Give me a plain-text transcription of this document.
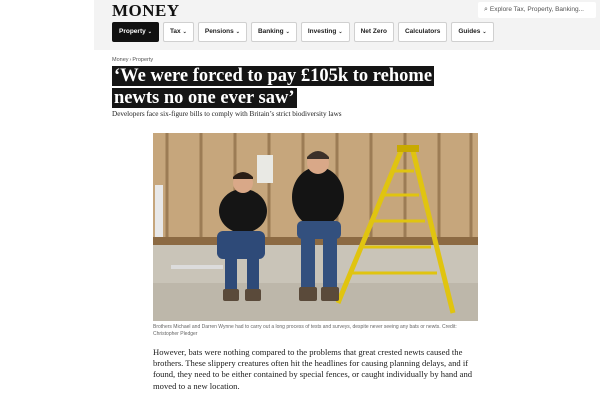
MONEY	⌕ Explore Tax, Property, Banking...
Property ⌄	Tax ⌄	Pensions ⌄	Banking ⌄	Investing ⌄	Net Zero	Calculators	Guides ⌄
Money›Property
‘We were forced to pay £105k to rehome newts no one ever saw’

Developers face six-figure bills to comply with Britain’s strict biodiversity laws

Brothers Michael and Darren Wynne had to carry out a long process of tests and surveys, despite never seeing any bats or newts. Credit: Christopher Pledger

However, bats were nothing compared to the problems that great crested newts caused the brothers. These slippery creatures often hit the headlines for causing planning delays, and if found, they need to be either contained by special fences, or caught individually by hand and moved to a new location.
